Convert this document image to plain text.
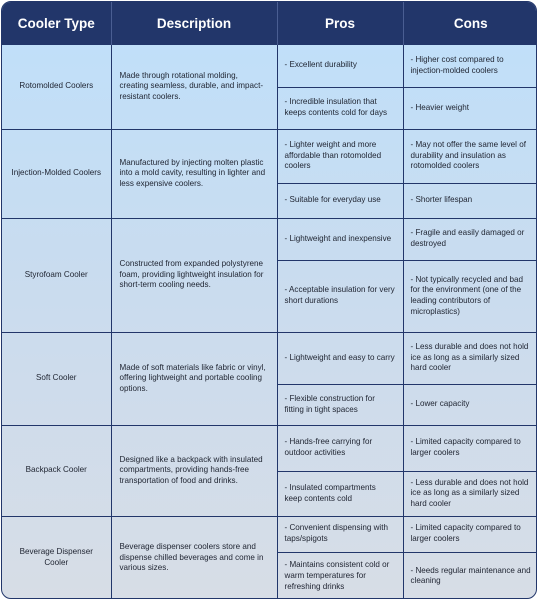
Cooler Type	Description	Pros	Cons
Rotomolded Coolers	Made through rotational molding, creating seamless, durable, and impact-resistant coolers.	- Excellent durability	- Higher cost compared to injection-molded coolers
		- Incredible insulation that keeps contents cold for days	- Heavier weight
Injection-Molded Coolers	Manufactured by injecting molten plastic into a mold cavity, resulting in lighter and less expensive coolers.	- Lighter weight and more affordable than rotomolded coolers	- May not offer the same level of durability and insulation as rotomolded coolers
		- Suitable for everyday use	- Shorter lifespan
Styrofoam Cooler	Constructed from expanded polystyrene foam, providing lightweight insulation for short-term cooling needs.	- Lightweight and inexpensive	- Fragile and easily damaged or destroyed
		- Acceptable insulation for very short durations	- Not typically recycled and bad for the environment (one of the leading contributors of microplastics)
Soft Cooler	Made of soft materials like fabric or vinyl, offering lightweight and portable cooling options.	- Lightweight and easy to carry	- Less durable and does not hold ice as long as a similarly sized hard cooler
		- Flexible construction for fitting in tight spaces	- Lower capacity
Backpack Cooler	Designed like a backpack with insulated compartments, providing hands-free transportation of food and drinks.	- Hands-free carrying for outdoor activities	- Limited capacity compared to larger coolers
		- Insulated compartments keep contents cold	- Less durable and does not hold ice as long as a similarly sized hard cooler
Beverage Dispenser Cooler	Beverage dispenser coolers store and dispense chilled beverages and come in various sizes.	- Convenient dispensing with taps/spigots	- Limited capacity compared to larger coolers
		- Maintains consistent cold or warm temperatures for refreshing drinks	- Needs regular maintenance and cleaning
